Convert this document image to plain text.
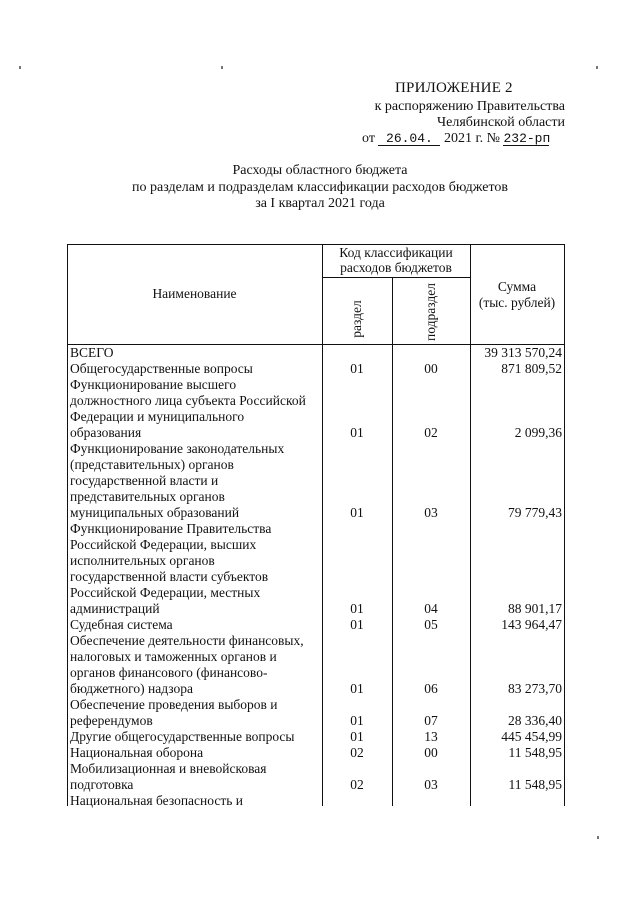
ПРИЛОЖЕНИЕ 2
к распоряжению Правительства
Челябинской области
от 26.04. 2021 г. № 232-рп
Расходы областного бюджета
по разделам и подразделам классификации расходов бюджетов
за I квартал 2021 года
Наименование
Код классификации
расходов бюджетов
раздел	подраздел	Сумма
(тыс. рублей)
ВСЕГО	39 313 570,24
Общегосударственные вопросы	01	00	871 809,52
Функционирование высшего
должностного лица субъекта Российской
Федерации и муниципального
образования	01	02	2 099,36
Функционирование законодательных
(представительных) органов
государственной власти и
представительных органов
муниципальных образований	01	03	79 779,43
Функционирование Правительства
Российской Федерации, высших
исполнительных органов
государственной власти субъектов
Российской Федерации, местных
администраций	01	04	88 901,17
Судебная система	01	05	143 964,47
Обеспечение деятельности финансовых,
налоговых и таможенных органов и
органов финансового (финансово-
бюджетного) надзора	01	06	83 273,70
Обеспечение проведения выборов и
референдумов	01	07	28 336,40
Другие общегосударственные вопросы	01	13	445 454,99
Национальная оборона	02	00	11 548,95
Мобилизационная и вневойсковая
подготовка	02	03	11 548,95
Национальная безопасность и
